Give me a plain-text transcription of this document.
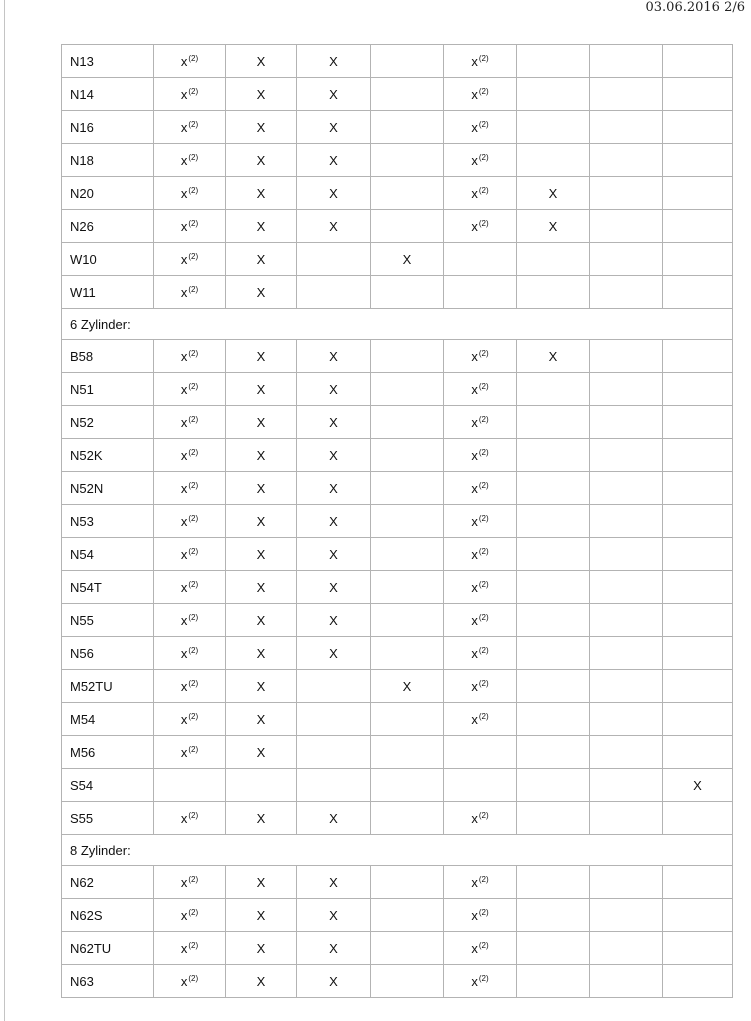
03.06.2016 2/6
N13	$x^{(2)}$	X	X		$x^{(2)}$			
N14	$x^{(2)}$	X	X		$x^{(2)}$			
N16	$x^{(2)}$	X	X		$x^{(2)}$			
N18	$x^{(2)}$	X	X		$x^{(2)}$			
N20	$x^{(2)}$	X	X		$x^{(2)}$	X		
N26	$x^{(2)}$	X	X		$x^{(2)}$	X		
W10	$x^{(2)}$	X		X				
W11	$x^{(2)}$	X						
6 Zylinder:								
B58	$x^{(2)}$	X	X		$x^{(2)}$	X		
N51	$x^{(2)}$	X	X		$x^{(2)}$			
N52	$x^{(2)}$	X	X		$x^{(2)}$			
N52K	$x^{(2)}$	X	X		$x^{(2)}$			
N52N	$x^{(2)}$	X	X		$x^{(2)}$			
N53	$x^{(2)}$	X	X		$x^{(2)}$			
N54	$x^{(2)}$	X	X		$x^{(2)}$			
N54T	$x^{(2)}$	X	X		$x^{(2)}$			
N55	$x^{(2)}$	X	X		$x^{(2)}$			
N56	$x^{(2)}$	X	X		$x^{(2)}$			
M52TU	$x^{(2)}$	X		X	$x^{(2)}$			
M54	$x^{(2)}$	X			$x^{(2)}$			
M56	$x^{(2)}$	X						
S54								X
S55	$x^{(2)}$	X	X		$x^{(2)}$			
8 Zylinder:								
N62	$x^{(2)}$	X	X		$x^{(2)}$			
N62S	$x^{(2)}$	X	X		$x^{(2)}$			
N62TU	$x^{(2)}$	X	X		$x^{(2)}$			
N63	$x^{(2)}$	X	X		$x^{(2)}$			
